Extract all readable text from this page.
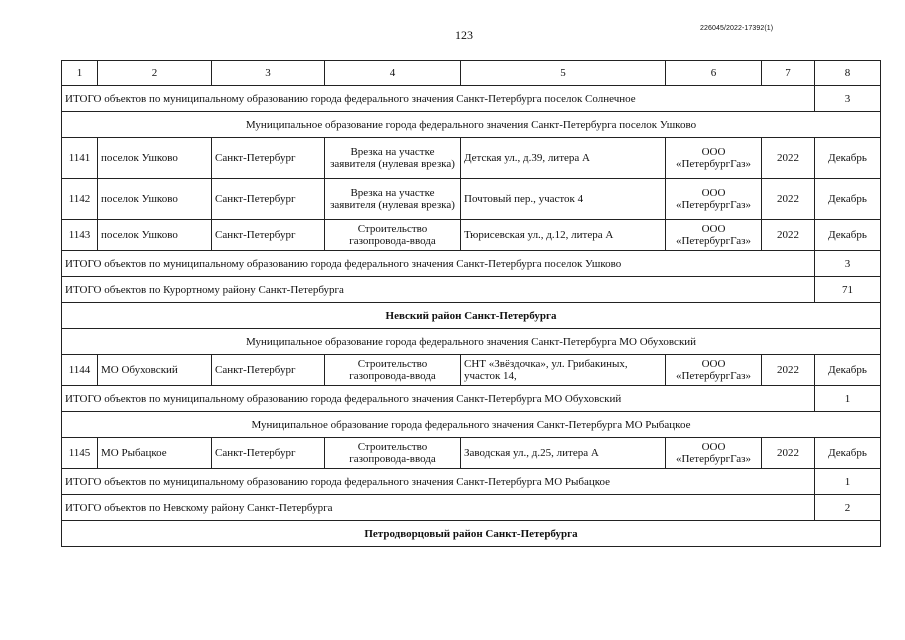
123	226045/2022-17392(1)
1	2	3	4	5	6	7	8
ИТОГО объектов по муниципальному образованию города федерального значения Санкт-Петербурга поселок Солнечное							3
Муниципальное образование города федерального значения Санкт-Петербурга поселок Ушково							
1141	поселок Ушково	Санкт-Петербург	Врезка на участке заявителя (нулевая врезка)	Детская ул., д.39, литера А	ООО «ПетербургГаз»	2022	Декабрь
1142	поселок Ушково	Санкт-Петербург	Врезка на участке заявителя (нулевая врезка)	Почтовый пер., участок 4	ООО «ПетербургГаз»	2022	Декабрь
1143	поселок Ушково	Санкт-Петербург	Строительство газопровода-ввода	Тюрисевская ул., д.12, литера А	ООО «ПетербургГаз»	2022	Декабрь
ИТОГО объектов по муниципальному образованию города федерального значения Санкт-Петербурга поселок Ушково							3
ИТОГО объектов по Курортному району Санкт-Петербурга							71
Невский район Санкт-Петербурга							
Муниципальное образование города федерального значения Санкт-Петербурга МО Обуховский							
1144	МО Обуховский	Санкт-Петербург	Строительство газопровода-ввода	СНТ «Звёздочка», ул. Грибакиных, участок 14,	ООО «ПетербургГаз»	2022	Декабрь
ИТОГО объектов по муниципальному образованию города федерального значения Санкт-Петербурга МО Обуховский							1
Муниципальное образование города федерального значения Санкт-Петербурга МО Рыбацкое							
1145	МО Рыбацкое	Санкт-Петербург	Строительство газопровода-ввода	Заводская ул., д.25, литера А	ООО «ПетербургГаз»	2022	Декабрь
ИТОГО объектов по муниципальному образованию города федерального значения Санкт-Петербурга МО Рыбацкое							1
ИТОГО объектов по Невскому району Санкт-Петербурга							2
Петродворцовый район Санкт-Петербурга							
